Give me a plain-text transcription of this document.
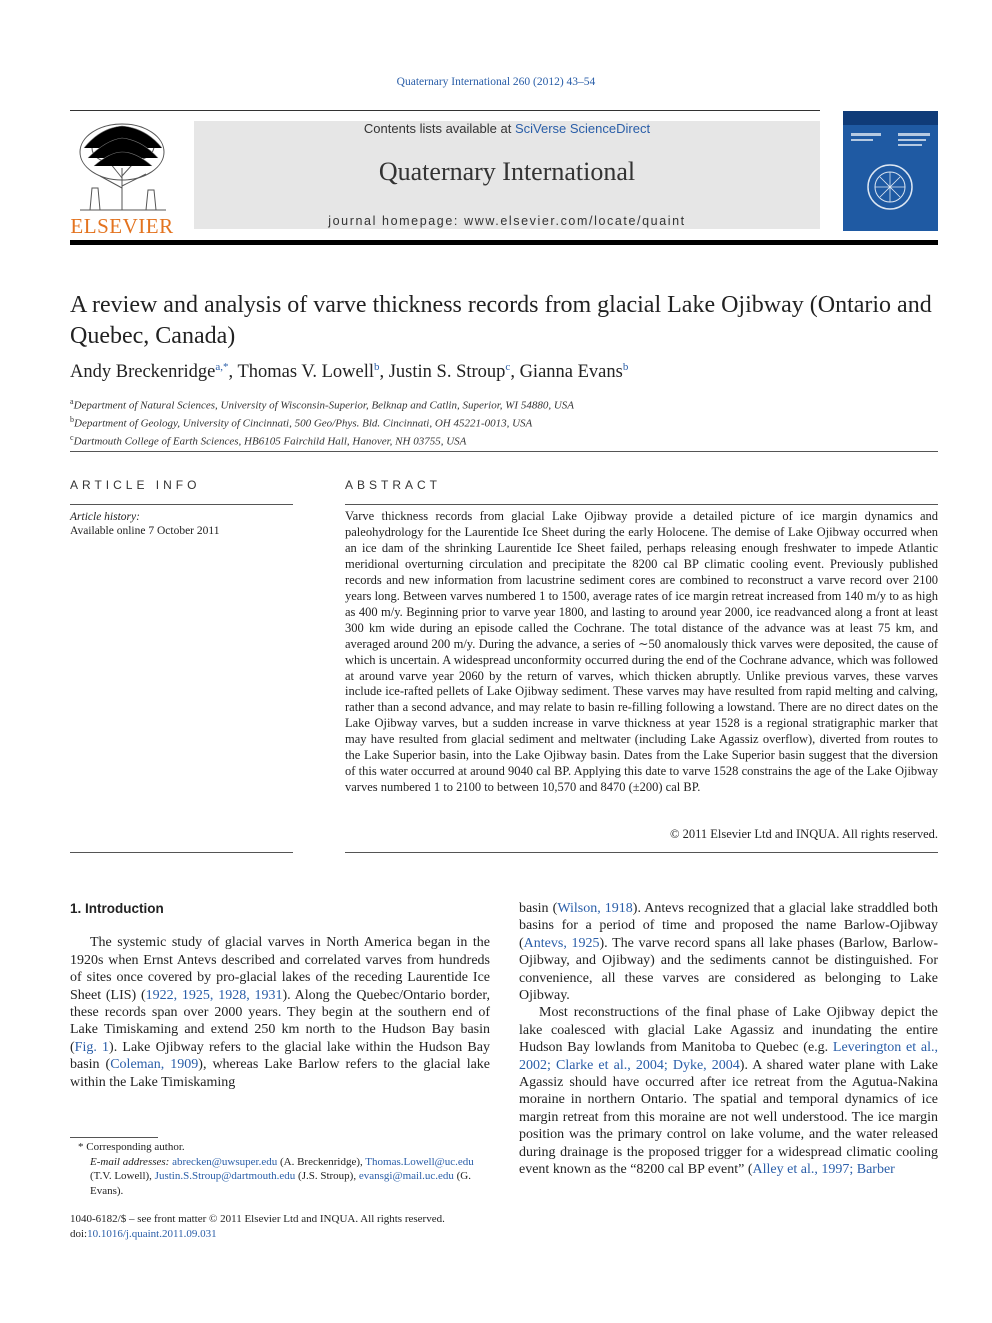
Quaternary International 260 (2012) 43–54
ELSEVIER
Contents lists available at SciVerse ScienceDirect
Quaternary International
journal homepage: www.elsevier.com/locate/quaint
A review and analysis of varve thickness records from glacial Lake Ojibway (Ontario and Quebec, Canada)
Andy Breckenridge$^{a,*}$, Thomas V. Lowell$^b$, Justin S. Stroup$^c$, Gianna Evans$^b$
$^a$Department of Natural Sciences, University of Wisconsin-Superior, Belknap and Catlin, Superior, WI 54880, USA
$^b$Department of Geology, University of Cincinnati, 500 Geo/Phys. Bld. Cincinnati, OH 45221-0013, USA
$^c$Dartmouth College of Earth Sciences, HB6105 Fairchild Hall, Hanover, NH 03755, USA
ARTICLE INFO	ABSTRACT
Article history:
Available online 7 October 2011
Varve thickness records from glacial Lake Ojibway provide a detailed picture of ice margin dynamics and paleohydrology for the Laurentide Ice Sheet during the early Holocene. The demise of Lake Ojibway occurred when an ice dam of the shrinking Laurentide Ice Sheet failed, perhaps releasing enough freshwater to impede Atlantic meridional overturning circulation and precipitate the 8200 cal BP climatic cooling event. Previously published records and new information from lacustrine sediment cores are combined to reconstruct a varve record over 2100 years long. Between varves numbered 1 to 1500, average rates of ice margin retreat increased from 140 m/y to as high as 400 m/y. Beginning prior to varve year 1800, and lasting to around year 2000, ice readvanced along a front at least 300 km wide during an episode called the Cochrane. The total distance of the advance was at least 75 km, and averaged around 200 m/y. During the advance, a series of ∼50 anomalously thick varves were deposited, the cause of which is uncertain. A widespread unconformity occurred during the end of the Cochrane advance, which was followed at around varve year 2060 by the return of varves, which thicken abruptly. Unlike previous varves, these varves include ice-rafted pellets of Lake Ojibway sediment. These varves may have resulted from rapid melting and calving, rather than a second advance, and may relate to basin re-filling following a lowstand. There are no direct dates on the Lake Ojibway varves, but a sudden increase in varve thickness at year 1528 is a regional stratigraphic marker that may have resulted from glacial sediment and meltwater (including Lake Agassiz overflow), diverted from routes to the Lake Superior basin, into the Lake Ojibway basin. Dates from the Lake Superior basin suggest that the diversion of this water occurred at around 9040 cal BP. Applying this date to varve 1528 constrains the age of the Lake Ojibway varves numbered 1 to 2100 to between 10,570 and 8470 (±200) cal BP.
© 2011 Elsevier Ltd and INQUA. All rights reserved.

1. Introduction

The systemic study of glacial varves in North America began in the 1920s when Ernst Antevs described and correlated varves from hundreds of sites once covered by pro-glacial lakes of the receding Laurentide Ice Sheet (LIS) (1922, 1925, 1928, 1931). Along the Quebec/Ontario border, these records span over 2000 years. They begin at the southern end of Lake Timiskaming and extend 250 km north to the Hudson Bay basin (Fig. 1). Lake Ojibway refers to the glacial lake within the Hudson Bay basin (Coleman, 1909), whereas Lake Barlow refers to the glacial lake within the Lake Timiskaming

basin (Wilson, 1918). Antevs recognized that a glacial lake straddled both basins for a period of time and proposed the name Barlow-Ojibway (Antevs, 1925). The varve record spans all lake phases (Barlow, Barlow-Ojibway, and Ojibway) and the sediments cannot be distinguished. For convenience, all these varves are considered as belonging to Lake Ojibway.

Most reconstructions of the final phase of Lake Ojibway depict the lake coalesced with glacial Lake Agassiz and inundating the entire Hudson Bay lowlands from Manitoba to Quebec (e.g. Leverington et al., 2002; Clarke et al., 2004; Dyke, 2004). A shared water plane with Lake Agassiz should have occurred after ice retreat from the Agutua-Nakina moraine in northern Ontario. The spatial and temporal dynamics of ice margin retreat from this moraine are not well understood. The ice margin position was the primary control on lake volume, and the water released during drainage is the proposed trigger for a widespread climatic cooling event known as the “8200 cal BP event” (Alley et al., 1997; Barber

* Corresponding author.
E-mail addresses: abrecken@uwsuper.edu (A. Breckenridge), Thomas.Lowell@uc.edu (T.V. Lowell), Justin.S.Stroup@dartmouth.edu (J.S. Stroup), evansgi@mail.uc.edu (G. Evans).
1040-6182/$ – see front matter © 2011 Elsevier Ltd and INQUA. All rights reserved.
doi:10.1016/j.quaint.2011.09.031
